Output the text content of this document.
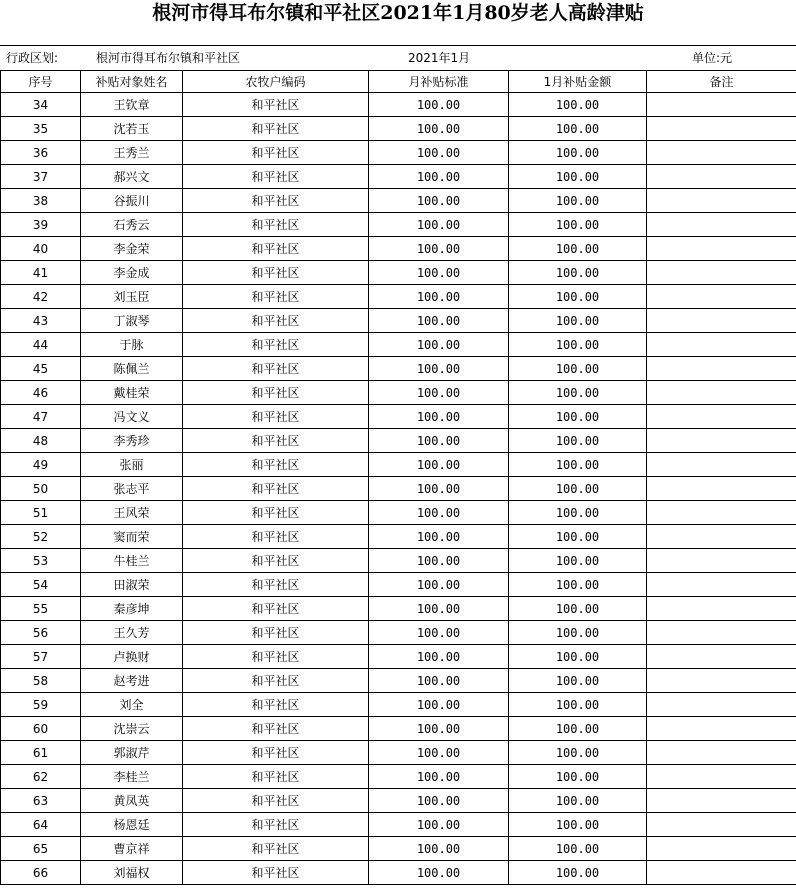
根河市得耳布尔镇和平社区2021年1月80岁老人高龄津贴
行政区划:	根河市得耳布尔镇和平社区	2021年1月	单位:元
序号	补贴对象姓名	农牧户编码	月补贴标准	1月补贴金额	备注
34	王钦章	和平社区	100.00	100.00	
35	沈若玉	和平社区	100.00	100.00	
36	王秀兰	和平社区	100.00	100.00	
37	郝兴文	和平社区	100.00	100.00	
38	谷振川	和平社区	100.00	100.00	
39	石秀云	和平社区	100.00	100.00	
40	李金荣	和平社区	100.00	100.00	
41	李金成	和平社区	100.00	100.00	
42	刘玉臣	和平社区	100.00	100.00	
43	丁淑琴	和平社区	100.00	100.00	
44	于脉	和平社区	100.00	100.00	
45	陈佩兰	和平社区	100.00	100.00	
46	戴桂荣	和平社区	100.00	100.00	
47	冯文义	和平社区	100.00	100.00	
48	李秀珍	和平社区	100.00	100.00	
49	张丽	和平社区	100.00	100.00	
50	张志平	和平社区	100.00	100.00	
51	王风荣	和平社区	100.00	100.00	
52	窦而荣	和平社区	100.00	100.00	
53	牛桂兰	和平社区	100.00	100.00	
54	田淑荣	和平社区	100.00	100.00	
55	秦彦坤	和平社区	100.00	100.00	
56	王久芳	和平社区	100.00	100.00	
57	卢换财	和平社区	100.00	100.00	
58	赵考进	和平社区	100.00	100.00	
59	刘全	和平社区	100.00	100.00	
60	沈崇云	和平社区	100.00	100.00	
61	郭淑芹	和平社区	100.00	100.00	
62	李桂兰	和平社区	100.00	100.00	
63	黄凤英	和平社区	100.00	100.00	
64	杨恩廷	和平社区	100.00	100.00	
65	曹京祥	和平社区	100.00	100.00	
66	刘福权	和平社区	100.00	100.00	
